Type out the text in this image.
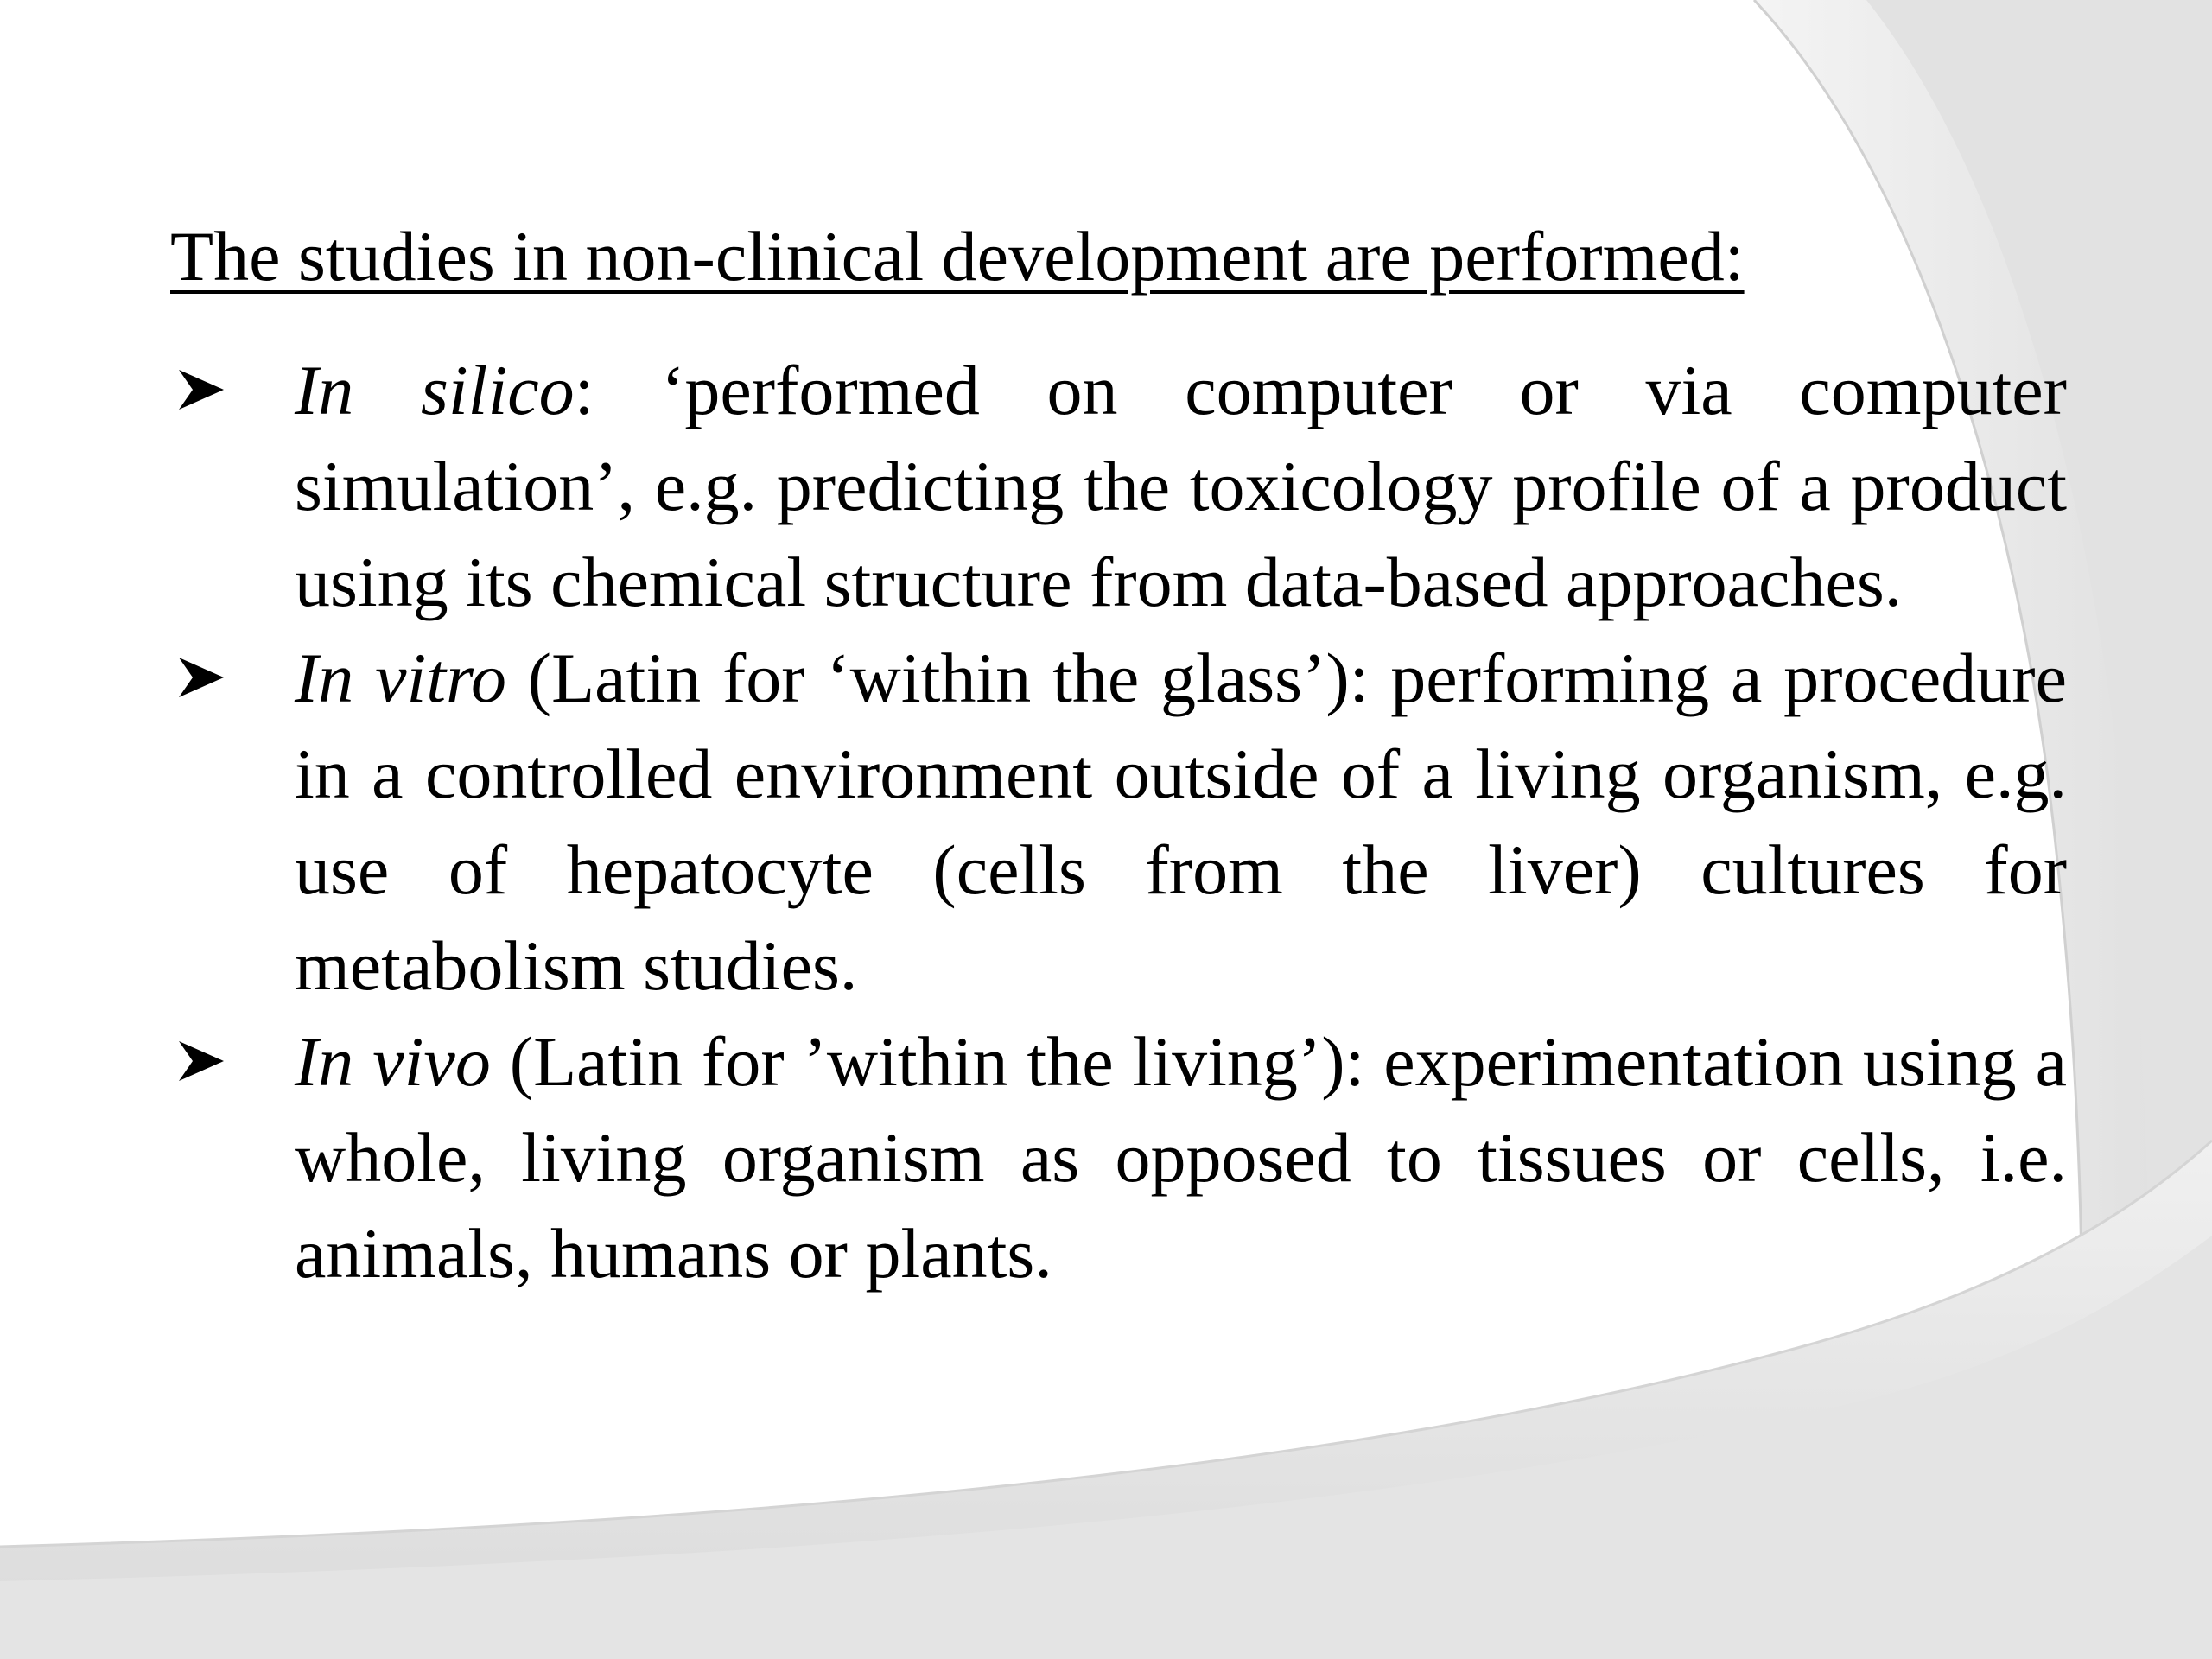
The studies in non-clinical development are performed:
In silico: ‘performed on computer or via computer simulation’, e.g. predicting the toxicology profile of a product using its chemical structure from data-based approaches.
In vitro (Latin for ‘within the glass’): performing a procedure in a controlled environment outside of a living organism, e.g. use of hepatocyte (cells from the liver) cultures for metabolism studies.
In vivo (Latin for ’within the living’): experimentation using a whole, living organism as opposed to tissues or cells, i.e. animals, humans or plants.
